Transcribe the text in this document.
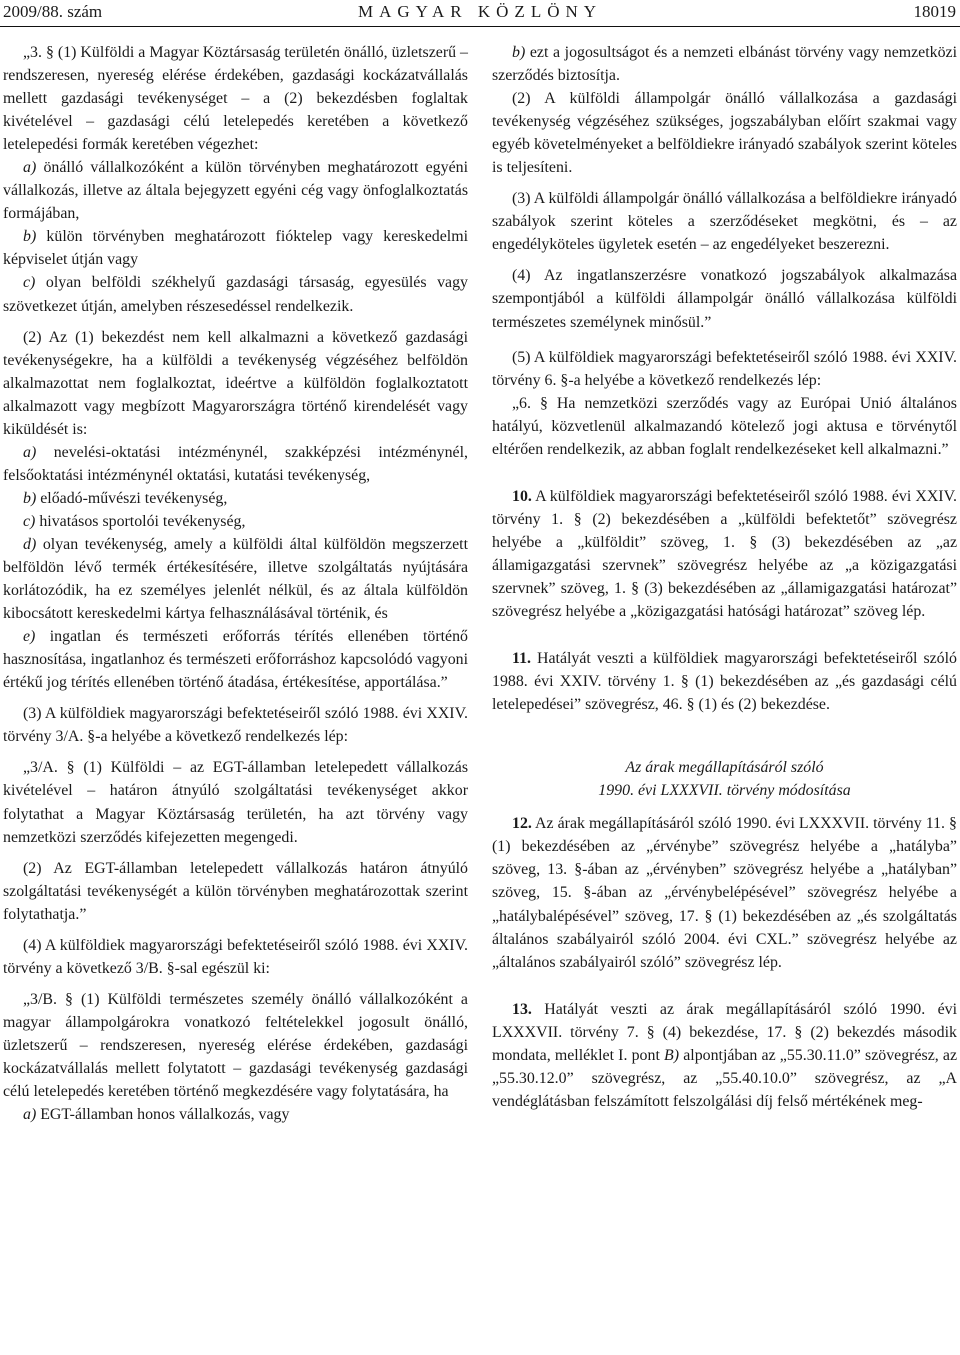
2009/88. szám	MAGYAR KÖZLÖNY	18019

„3. § (1) Külföldi a Magyar Köztársaság területén önálló, üzletszerű – rendszeresen, nyereség elérése érdekében, gazdasági kockázatvállalás mellett gazdasági tevékenységet – a (2) bekezdésben foglaltak kivételével – gazdasági célú letelepedés keretében a következő letelepedési formák keretében végezhet:

a) önálló vállalkozóként a külön törvényben meghatározott egyéni vállalkozás, illetve az általa bejegyzett egyéni cég vagy önfoglalkoztatás formájában,

b) külön törvényben meghatározott fióktelep vagy kereskedelmi képviselet útján vagy

c) olyan belföldi székhelyű gazdasági társaság, egyesülés vagy szövetkezet útján, amelyben részesedéssel rendelkezik.

(2) Az (1) bekezdést nem kell alkalmazni a következő gazdasági tevékenységekre, ha a külföldi a tevékenység végzéséhez belföldön alkalmazottat nem foglalkoztat, ideértve a külföldön foglalkoztatott alkalmazott vagy megbízott Magyarországra történő kirendelését vagy kiküldését is:

a) nevelési-oktatási intézménynél, szakképzési intézménynél, felsőoktatási intézménynél oktatási, kutatási tevékenység,

b) előadó-művészi tevékenység,

c) hivatásos sportolói tevékenység,

d) olyan tevékenység, amely a külföldi által külföldön megszerzett belföldön lévő termék értékesítésére, illetve szolgáltatás nyújtására korlátozódik, ha ez személyes jelenlét nélkül, és az általa külföldön kibocsátott kereskedelmi kártya felhasználásával történik, és

e) ingatlan és természeti erőforrás térítés ellenében történő hasznosítása, ingatlanhoz és természeti erőforráshoz kapcsolódó vagyoni értékű jog térítés ellenében történő átadása, értékesítése, apportálása.”

(3) A külföldiek magyarországi befektetéseiről szóló 1988. évi XXIV. törvény 3/A. §-a helyébe a következő rendelkezés lép:

„3/A. § (1) Külföldi – az EGT-államban letelepedett vállalkozás kivételével – határon átnyúló szolgáltatási tevékenységet akkor folytathat a Magyar Köztársaság területén, ha azt törvény vagy nemzetközi szerződés kifejezetten megengedi.

(2) Az EGT-államban letelepedett vállalkozás határon átnyúló szolgáltatási tevékenységét a külön törvényben meghatározottak szerint folytathatja.”

(4) A külföldiek magyarországi befektetéseiről szóló 1988. évi XXIV. törvény a következő 3/B. §-sal egészül ki:

„3/B. § (1) Külföldi természetes személy önálló vállalkozóként a magyar állampolgárokra vonatkozó feltételekkel jogosult önálló, üzletszerű – rendszeresen, nyereség elérése érdekében, gazdasági kockázatvállalás mellett folytatott – gazdasági tevékenység gazdasági célú letelepedés keretében történő megkezdésére vagy folytatására, ha

a) EGT-államban honos vállalkozás, vagy

b) ezt a jogosultságot és a nemzeti elbánást törvény vagy nemzetközi szerződés biztosítja.

(2) A külföldi állampolgár önálló vállalkozása a gazdasági tevékenység végzéséhez szükséges, jogszabályban előírt szakmai vagy egyéb követelményeket a belföldiekre irányadó szabályok szerint köteles is teljesíteni.

(3) A külföldi állampolgár önálló vállalkozása a belföldiekre irányadó szabályok szerint köteles a szerződéseket megkötni, és – az engedélyköteles ügyletek esetén – az engedélyeket beszerezni.

(4) Az ingatlanszerzésre vonatkozó jogszabályok alkalmazása szempontjából a külföldi állampolgár önálló vállalkozása külföldi természetes személynek minősül.”

(5) A külföldiek magyarországi befektetéseiről szóló 1988. évi XXIV. törvény 6. §-a helyébe a következő rendelkezés lép:

„6. § Ha nemzetközi szerződés vagy az Európai Unió általános hatályú, közvetlenül alkalmazandó kötelező jogi aktusa e törvénytől eltérően rendelkezik, az abban foglalt rendelkezéseket kell alkalmazni.”

10. A külföldiek magyarországi befektetéseiről szóló 1988. évi XXIV. törvény 1. § (2) bekezdésében a „külföldi befektetőt” szövegrész helyébe a „külföldit” szöveg, 1. § (3) bekezdésében az „az államigazgatási szervnek” szövegrész helyébe az „a közigazgatási szervnek” szöveg, 1. § (3) bekezdésében az „államigazgatási határozat” szövegrész helyébe a „közigazgatási hatósági határozat” szöveg lép.

11. Hatályát veszti a külföldiek magyarországi befektetéseiről szóló 1988. évi XXIV. törvény 1. § (1) bekezdésében az „és gazdasági célú letelepedései” szövegrész, 46. § (1) és (2) bekezdése.

Az árak megállapításáról szóló
1990. évi LXXXVII. törvény módosítása

12. Az árak megállapításáról szóló 1990. évi LXXXVII. törvény 11. § (1) bekezdésében az „érvénybe” szövegrész helyébe a „hatályba” szöveg, 13. §-ában az „érvényben” szövegrész helyébe a „hatályban” szöveg, 15. §-ában az „érvénybelépésével” szövegrész helyébe a „hatálybalépésével” szöveg, 17. § (1) bekezdésében az „és szolgáltatás általános szabályairól szóló 2004. évi CXL.” szövegrész helyébe az „általános szabályairól szóló” szövegrész lép.

13. Hatályát veszti az árak megállapításáról szóló 1990. évi LXXXVII. törvény 7. § (4) bekezdése, 17. § (2) bekezdés második mondata, melléklet I. pont B) alpontjában az „55.30.11.0” szövegrész, az „55.30.12.0” szövegrész, az „55.40.10.0” szövegrész, az „A vendéglátásban felszámított felszolgálási díj felső mértékének meg-
